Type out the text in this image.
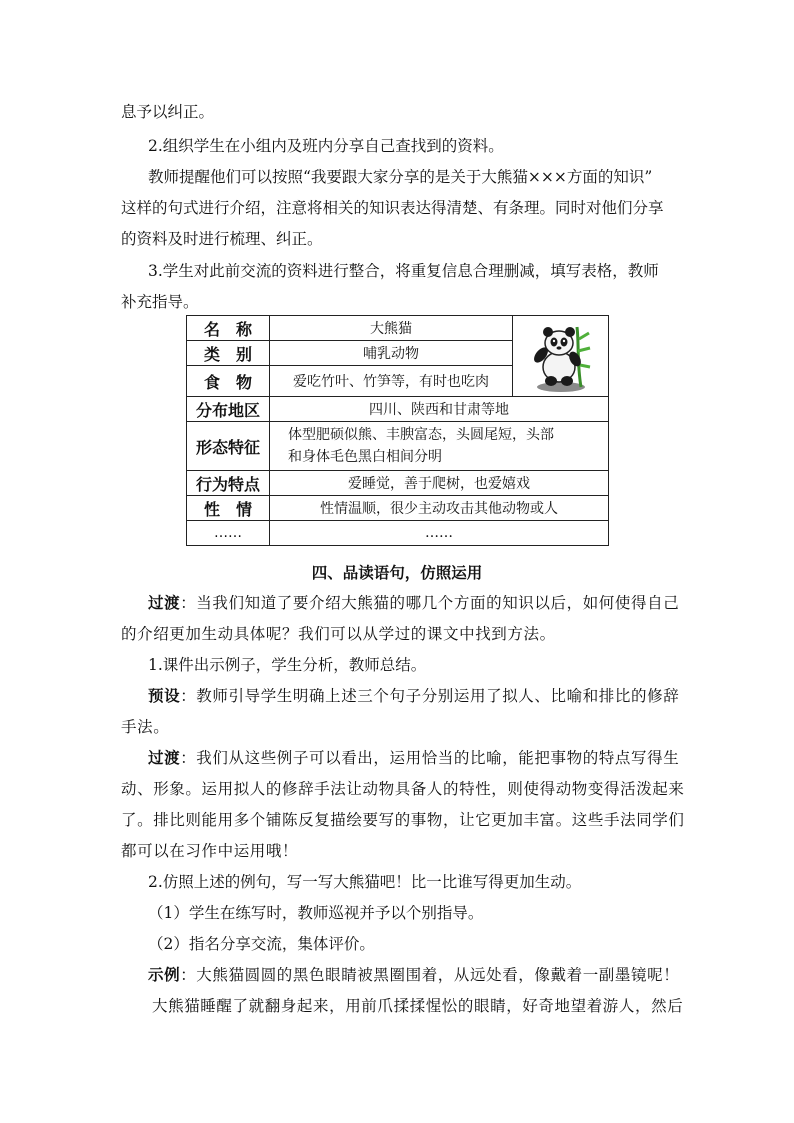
息予以纠正。
2.组织学生在小组内及班内分享自己查找到的资料。
教师提醒他们可以按照“我要跟大家分享的是关于大熊猫×××方面的知识”
这样的句式进行介绍，注意将相关的知识表达得清楚、有条理。同时对他们分享
的资料及时进行梳理、纠正。
3.学生对此前交流的资料进行整合，将重复信息合理删减，填写表格，教师
补充指导。
名　称	大熊猫	

类　别	哺乳动物	
食　物	爱吃竹叶、竹笋等，有时也吃肉	
分布地区	四川、陕西和甘肃等地	
形态特征	体型肥硕似熊、丰腴富态，头圆尾短，头部
和身体毛色黑白相间分明	

行为特点	爱睡觉，善于爬树，也爱嬉戏	
性　情	性情温顺，很少主动攻击其他动物或人	
……	……	
四、品读语句，仿照运用
过渡：当我们知道了要介绍大熊猫的哪几个方面的知识以后，如何使得自己
的介绍更加生动具体呢？我们可以从学过的课文中找到方法。
1.课件出示例子，学生分析，教师总结。
预设：教师引导学生明确上述三个句子分别运用了拟人、比喻和排比的修辞
手法。
过渡：我们从这些例子可以看出，运用恰当的比喻，能把事物的特点写得生
动、形象。运用拟人的修辞手法让动物具备人的特性，则使得动物变得活泼起来
了。排比则能用多个铺陈反复描绘要写的事物，让它更加丰富。这些手法同学们
都可以在习作中运用哦！
2.仿照上述的例句，写一写大熊猫吧！比一比谁写得更加生动。
（1）学生在练写时，教师巡视并予以个别指导。
（2）指名分享交流，集体评价。
示例：大熊猫圆圆的黑色眼睛被黑圈围着，从远处看，像戴着一副墨镜呢！
大熊猫睡醒了就翻身起来，用前爪揉揉惺忪的眼睛，好奇地望着游人，然后
